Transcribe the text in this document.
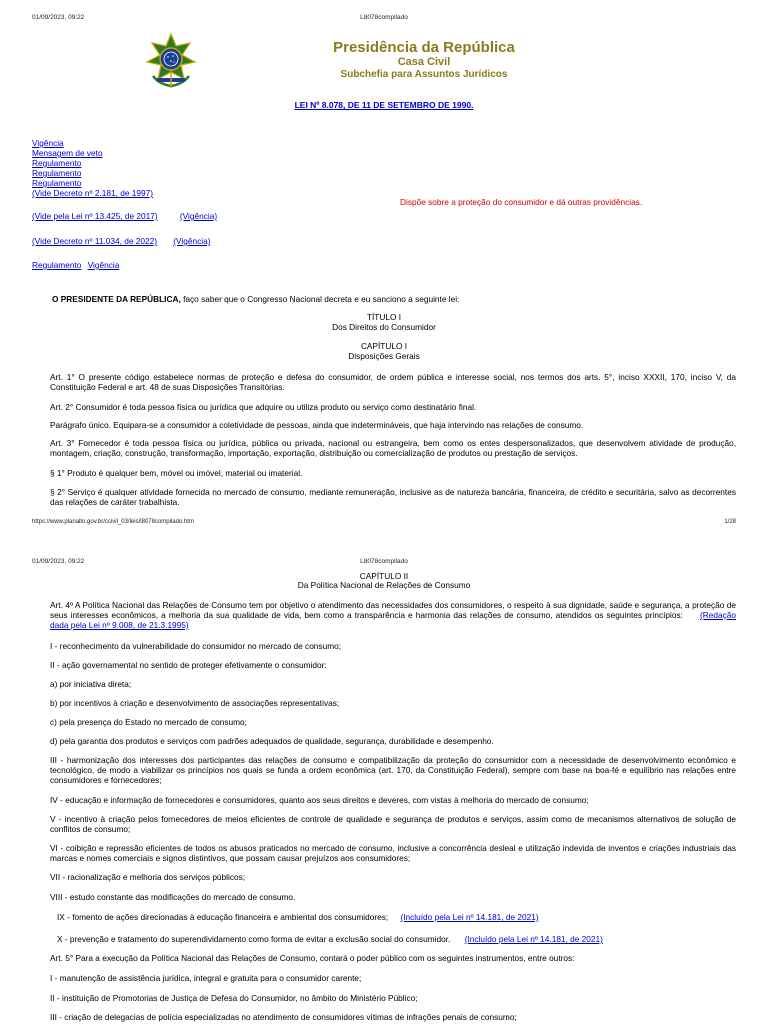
01/09/2023, 09:22	L8078compilado
Presidência da República
Casa Civil
Subchefia para Assuntos Jurídicos
LEI Nº 8.078, DE 11 DE SETEMBRO DE 1990.
Vigência
Mensagem de veto
Regulamento
Regulamento
Regulamento
(Vide Decreto nº 2.181, de 1997)
Dispõe sobre a proteção do consumidor e dá outras providências.
(Vide pela Lei nº 13.425, de 2017)	(Vigência)
(Vide Decreto nº 11.034, de 2022) (Vigência)
Regulamento Vigência
O PRESIDENTE DA REPÚBLICA, faço saber que o Congresso Nacional decreta e eu sanciono a seguinte lei:
TÍTULO I
Dos Direitos do Consumidor
CAPÍTULO I
Disposições Gerais
Art. 1° O presente código estabelece normas de proteção e defesa do consumidor, de ordem pública e interesse social, nos termos dos arts. 5°, inciso XXXII, 170, inciso V, da Constituição Federal e art. 48 de suas Disposições Transitórias.
Art. 2° Consumidor é toda pessoa física ou jurídica que adquire ou utiliza produto ou serviço como destinatário final.
Parágrafo único. Equipara-se a consumidor a coletividade de pessoas, ainda que indetermináveis, que haja intervindo nas relações de consumo.
Art. 3° Fornecedor é toda pessoa física ou jurídica, pública ou privada, nacional ou estrangeira, bem como os entes despersonalizados, que desenvolvem atividade de produção, montagem, criação, construção, transformação, importação, exportação, distribuição ou comercialização de produtos ou prestação de serviços.
§ 1° Produto é qualquer bem, móvel ou imóvel, material ou imaterial.
§ 2° Serviço é qualquer atividade fornecida no mercado de consumo, mediante remuneração, inclusive as de natureza bancária, financeira, de crédito e securitária, salvo as decorrentes das relações de caráter trabalhista.
https://www.planalto.gov.br/ccivil_03/leis/l8078compilado.htm	1/28
01/09/2023, 09:22	L8078compilado
CAPÍTULO II
Da Política Nacional de Relações de Consumo
Art. 4º A Política Nacional das Relações de Consumo tem por objetivo o atendimento das necessidades dos consumidores, o respeito à sua dignidade, saúde e segurança, a proteção de seus interesses econômicos, a melhoria da sua qualidade de vida, bem como a transparência e harmonia das relações de consumo, atendidos os seguintes princípios: (Redação dada pela Lei nº 9.008, de 21.3.1995)
I - reconhecimento da vulnerabilidade do consumidor no mercado de consumo;
II - ação governamental no sentido de proteger efetivamente o consumidor:
a) por iniciativa direta;
b) por incentivos à criação e desenvolvimento de associações representativas;
c) pela presença do Estado no mercado de consumo;
d) pela garantia dos produtos e serviços com padrões adequados de qualidade, segurança, durabilidade e desempenho.
III - harmonização dos interesses dos participantes das relações de consumo e compatibilização da proteção do consumidor com a necessidade de desenvolvimento econômico e tecnológico, de modo a viabilizar os princípios nos quais se funda a ordem econômica (art. 170, da Constituição Federal), sempre com base na boa-fé e equilíbrio nas relações entre consumidores e fornecedores;
IV - educação e informação de fornecedores e consumidores, quanto aos seus direitos e deveres, com vistas à melhoria do mercado de consumo;
V - incentivo à criação pelos fornecedores de meios eficientes de controle de qualidade e segurança de produtos e serviços, assim como de mecanismos alternativos de solução de conflitos de consumo;
VI - coibição e repressão eficientes de todos os abusos praticados no mercado de consumo, inclusive a concorrência desleal e utilização indevida de inventos e criações industriais das marcas e nomes comerciais e signos distintivos, que possam causar prejuízos aos consumidores;
VII - racionalização e melhoria dos serviços públicos;
VIII - estudo constante das modificações do mercado de consumo.
IX - fomento de ações direcionadas à educação financeira e ambiental dos consumidores; (Incluído pela Lei nº 14.181, de 2021)
X - prevenção e tratamento do superendividamento como forma de evitar a exclusão social do consumidor. (Incluído pela Lei nº 14.181, de 2021)
Art. 5° Para a execução da Política Nacional das Relações de Consumo, contará o poder público com os seguintes instrumentos, entre outros:
I - manutenção de assistência jurídica, integral e gratuita para o consumidor carente;
II - instituição de Promotorias de Justiça de Defesa do Consumidor, no âmbito do Ministério Público;
III - criação de delegacias de polícia especializadas no atendimento de consumidores vítimas de infrações penais de consumo;
